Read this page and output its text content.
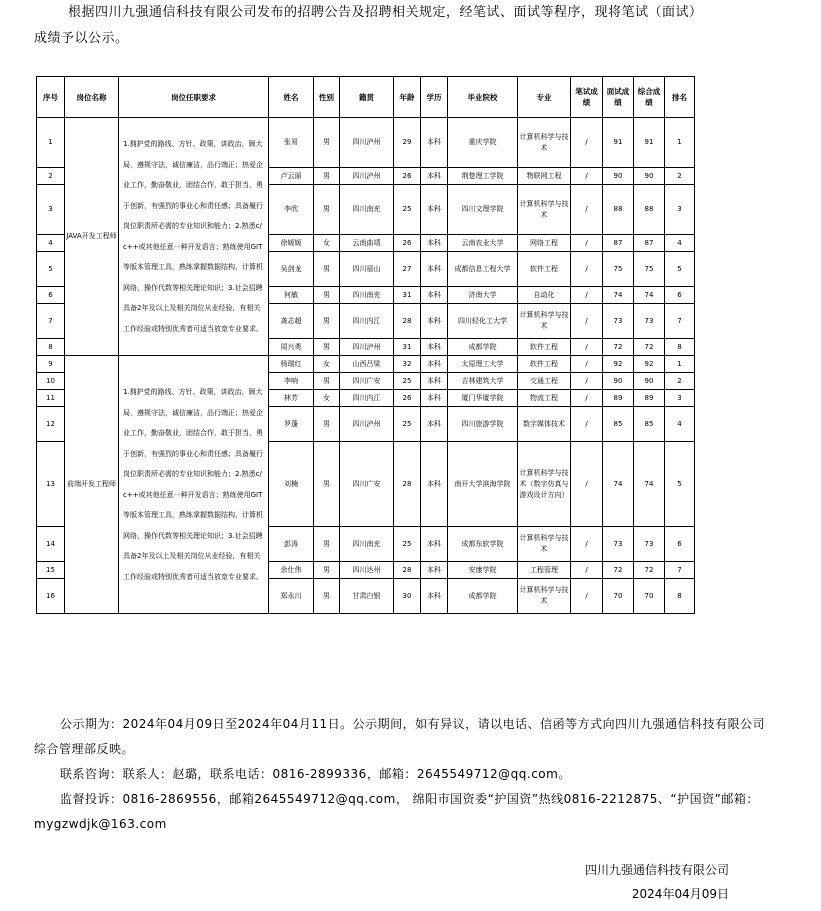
根据四川九强通信科技有限公司发布的招聘公告及招聘相关规定，经笔试、面试等程序，现将笔试（面试）
成绩予以公示。
序号	岗位名称	岗位任职要求	姓名	性别	籍贯	年龄	学历	毕业院校	专业	笔试成绩	面试成绩	综合成绩	排名
1	JAVA开发工程师	1.拥护党的路线、方针、政策，讲政治，顾大局，遵规守法，诚信廉洁，品行端正；热爱企业工作，勤奋敬业，团结合作，敢于担当，勇于创新，有强烈的事业心和责任感；具备履行岗位职责所必需的专业知识和能力；2.熟悉c/c++或其他任意一种开发语言；熟练使用GIT等版本管理工具，熟练掌握数据结构、计算机网络、操作代数等相关理论知识；3.社会招聘具备2年及以上及相关岗位从业经验，有相关工作经验或特别优秀者可适当放宽专业要求。	张易	男	四川泸州	29	本科	重庆学院	计算机科学与技术	/	91	91	1
2			卢云丽	男	四川泸州	26	本科	荆楚理工学院	物联网工程	/	90	90	2
3			李欣	男	四川南充	25	本科	四川文理学院	计算机科学与技术	/	88	88	3
4			徐媛媛	女	云南曲靖	26	本科	云南农业大学	网络工程	/	87	87	4
5			吴剑龙	男	四川眉山	27	本科	成都信息工程大学	软件工程	/	75	75	5
6			何敏	男	四川南充	31	本科	济南大学	自动化	/	74	74	6
7			龚志超	男	四川内江	28	本科	四川轻化工大学	计算机科学与技术	/	73	73	7
8			周兴勇	男	四川泸州	31	本科	成都学院	软件工程	/	72	72	8
9	前端开发工程师	1.拥护党的路线、方针、政策，讲政治，顾大局，遵规守法，诚信廉洁，品行端正；热爱企业工作，勤奋敬业，团结合作，敢于担当，勇于创新，有强烈的事业心和责任感；具备履行岗位职责所必需的专业知识和能力；2.熟悉c/c++或其他任意一种开发语言；熟练使用GIT等版本管理工具，熟练掌握数据结构、计算机网络、操作代数等相关理论知识；3.社会招聘具备2年及以上及相关岗位从业经验，有相关工作经验或特别优秀者可适当放宽专业要求。	杨瑞红	女	山西吕梁	32	本科	太原理工大学	软件工程	/	92	92	1
10			李响	男	四川广安	25	本科	吉林建筑大学	交通工程	/	90	90	2
11			林芳	女	四川内江	26	本科	厦门华厦学院	物流工程	/	89	89	3
12			罗蓬	男	四川泸州	25	本科	四川旅游学院	数字媒体技术	/	85	85	4
13			刘楠	男	四川广安	28	本科	南开大学滨海学院	计算机科学与技术（数字仿真与游戏设计方向）	/	74	74	5
14			彭涛	男	四川南充	25	本科	成都东软学院	计算机科学与技术	/	73	73	6
15			余仕伟	男	四川达州	28	本科	安康学院	工程管理	/	72	72	7
16			郑永川	男	甘肃白银	30	本科	成都学院	计算机科学与技术	/	70	70	8
公示期为：2024年04月09日至2024年04月11日。公示期间，如有异议，请以电话、信函等方式向四川九强通信科技有限公司 综合管理部反映。
联系咨询：联系人：赵璐，联系电话：0816-2899336，邮箱：2645549712@qq.com。
监督投诉：0816-2869556，邮箱2645549712@qq.com， 绵阳市国资委“护国资”热线0816-2212875、“护国资”邮箱：mygzwdjk@163.com
四川九强通信科技有限公司
2024年04月09日
